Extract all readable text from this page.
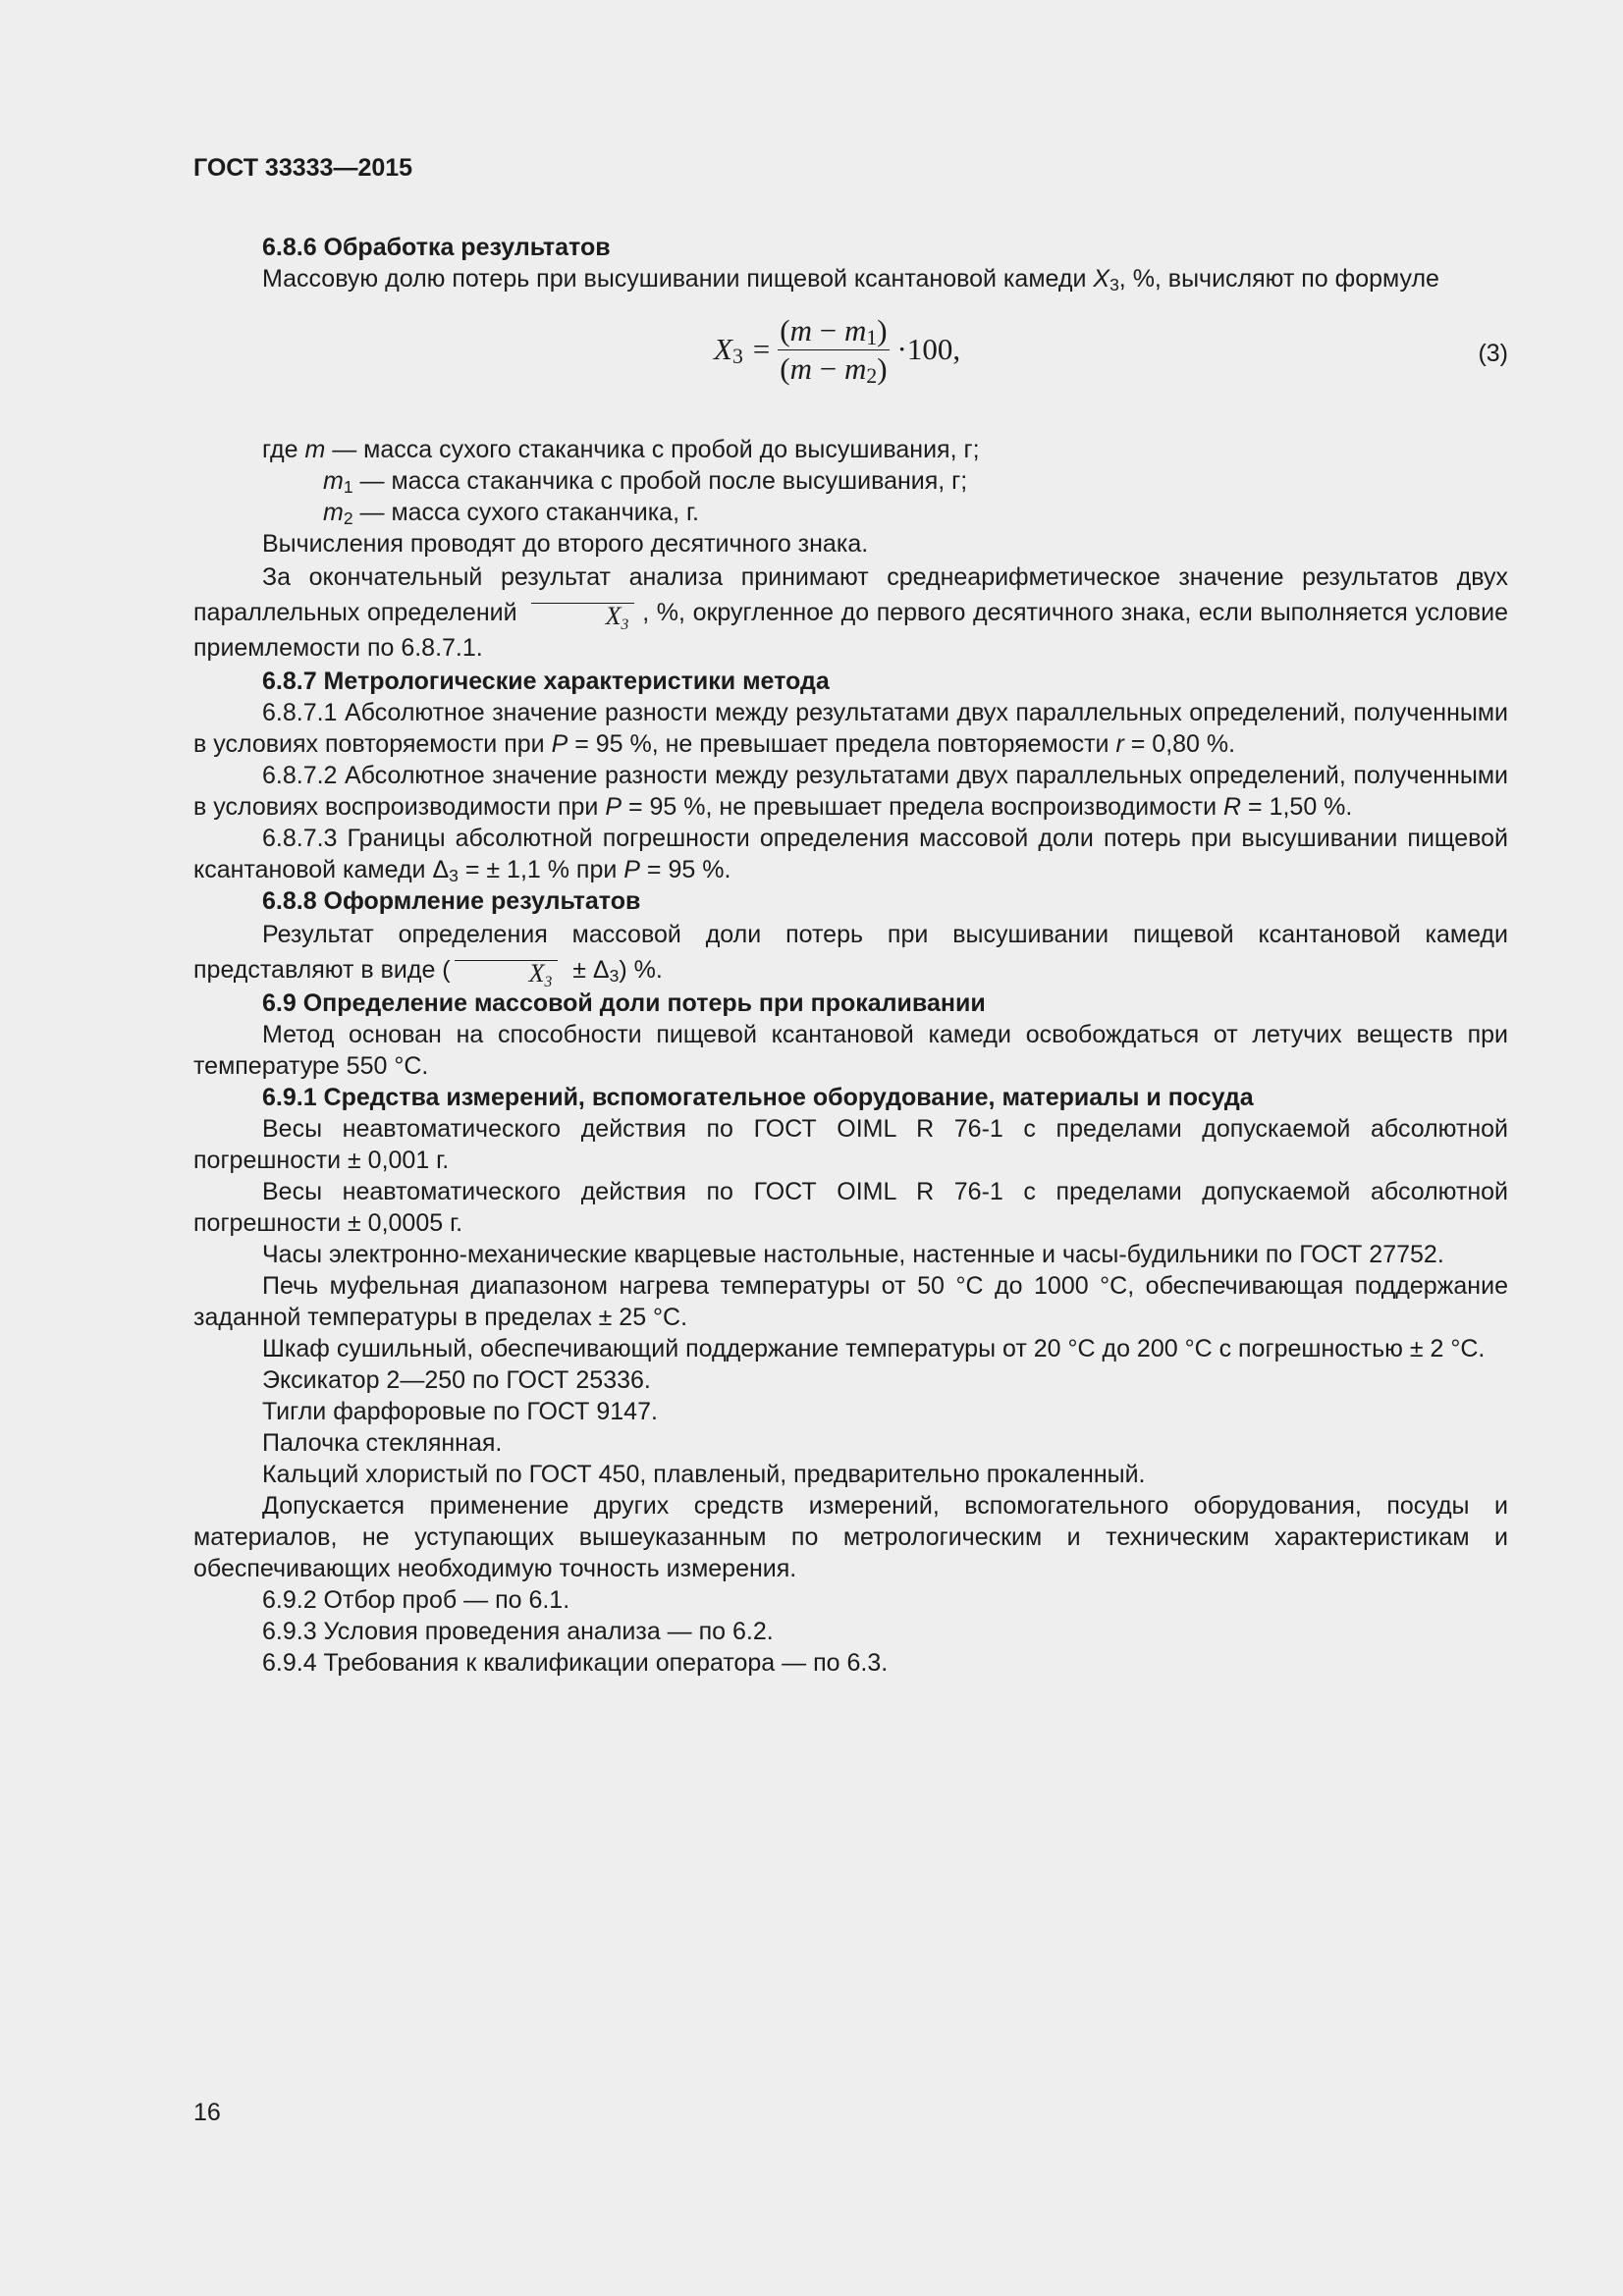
ГОСТ 33333—2015

6.8.6 Обработка результатов

Массовую долю потерь при высушивании пищевой ксантановой камеди $X_3$, %, вычисляют по формуле

$X_3 = \frac{(m - m_1)}{(m - m_2)} \cdot 100$,	(3)

где m — масса сухого стаканчика с пробой до высушивания, г;

$m_1$ — масса стаканчика с пробой после высушивания, г;

$m_2$ — масса сухого стаканчика, г.

Вычисления проводят до второго десятичного знака.

За окончательный результат анализа принимают среднеарифметическое значение результатов двух параллельных определений	$X_3$ , %, округленное до первого десятичного знака, если выполняется условие приемлемости по 6.8.7.1.

6.8.7 Метрологические характеристики метода

6.8.7.1 Абсолютное значение разности между результатами двух параллельных определений, полученными в условиях повторяемости при P = 95 %, не превышает предела повторяемости r = 0,80 %.

6.8.7.2 Абсолютное значение разности между результатами двух параллельных определений, полученными в условиях воспроизводимости при P = 95 %, не превышает предела воспроизводимости R = 1,50 %.

6.8.7.3 Границы абсолютной погрешности определения массовой доли потерь при высушивании пищевой ксантановой камеди $\Delta_3$ = ± 1,1 % при P = 95 %.

6.8.8 Оформление результатов

Результат определения массовой доли потерь при высушивании пищевой ксантановой камеди представляют в виде (	$X_3 \pm \Delta_3$) %.

6.9 Определение массовой доли потерь при прокаливании

Метод основан на способности пищевой ксантановой камеди освобождаться от летучих веществ при температуре 550 °С.

6.9.1 Средства измерений, вспомогательное оборудование, материалы и посуда

Весы неавтоматического действия по ГОСТ OIML R 76-1 с пределами допускаемой абсолютной погрешности ± 0,001 г.

Весы неавтоматического действия по ГОСТ OIML R 76-1 с пределами допускаемой абсолютной погрешности ± 0,0005 г.

Часы электронно-механические кварцевые настольные, настенные и часы-будильники по ГОСТ 27752.

Печь муфельная диапазоном нагрева температуры от 50 °С до 1000 °С, обеспечивающая поддержание заданной температуры в пределах ± 25 °С.

Шкаф сушильный, обеспечивающий поддержание температуры от 20 °С до 200 °С с погрешностью ± 2 °С.

Эксикатор 2—250 по ГОСТ 25336.

Тигли фарфоровые по ГОСТ 9147.

Палочка стеклянная.

Кальций хлористый по ГОСТ 450, плавленый, предварительно прокаленный.

Допускается применение других средств измерений, вспомогательного оборудования, посуды и материалов, не уступающих вышеуказанным по метрологическим и техническим характеристикам и обеспечивающих необходимую точность измерения.

6.9.2 Отбор проб — по 6.1.

6.9.3 Условия проведения анализа — по 6.2.

6.9.4 Требования к квалификации оператора — по 6.3.

16
